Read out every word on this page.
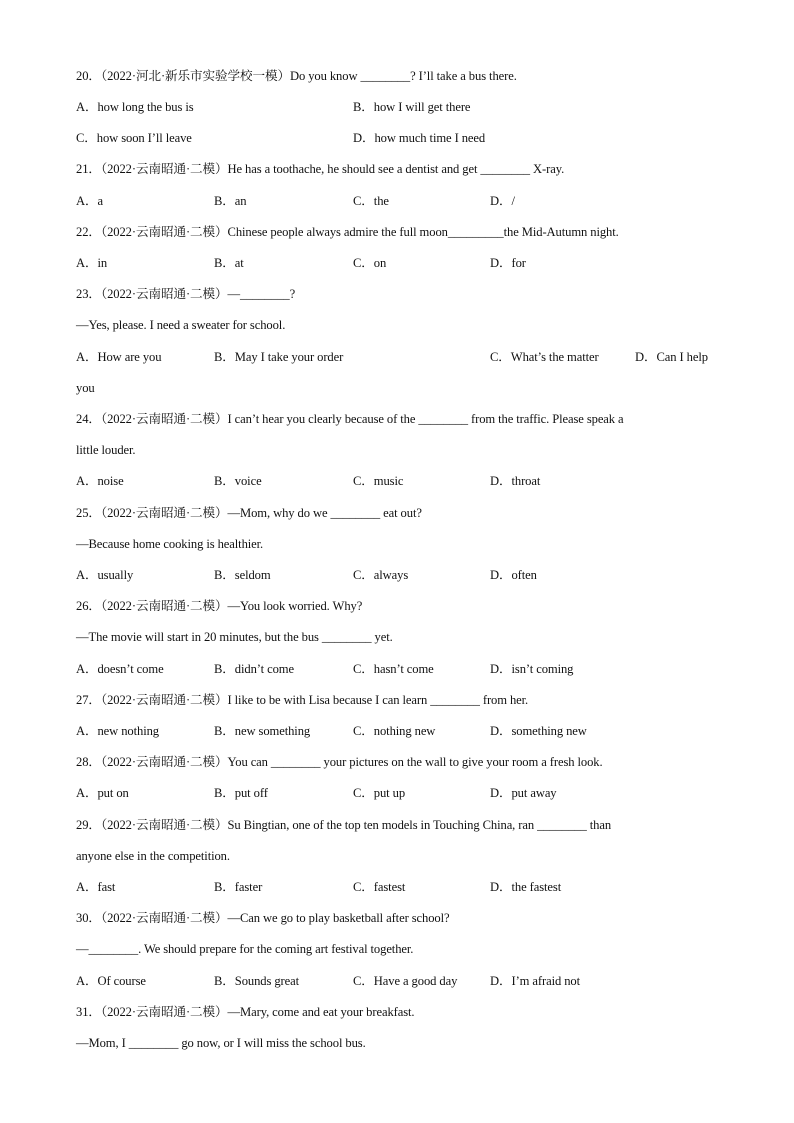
20．（2022·河北·新乐市实验学校一模）Do you know ________? I’ll take a bus there.
A．how long the bus is	B．how I will get there
C．how soon I’ll leave	D．how much time I need
21．（2022·云南昭通·二模）He has a toothache, he should see a dentist and get ________ X-ray.
A．a	B．an	C．the	D．/
22．（2022·云南昭通·二模）Chinese people always admire the full moon_________the Mid-Autumn night.
A．in	B．at	C．on	D．for
23．（2022·云南昭通·二模）—________?
—Yes, please. I need a sweater for school.
A．How are you	B．May I take your order	C．What’s the matter	D．Can I help
you
24．（2022·云南昭通·二模）I can’t hear you clearly because of the ________ from the traffic. Please speak a
little louder.
A．noise	B．voice	C．music	D．throat
25．（2022·云南昭通·二模）—Mom, why do we ________ eat out?
—Because home cooking is healthier.
A．usually	B．seldom	C．always	D．often
26．（2022·云南昭通·二模）—You look worried. Why?
—The movie will start in 20 minutes, but the bus ________ yet.
A．doesn’t come	B．didn’t come	C．hasn’t come	D．isn’t coming
27．（2022·云南昭通·二模）I like to be with Lisa because I can learn ________ from her.
A．new nothing	B．new something	C．nothing new	D．something new
28．（2022·云南昭通·二模）You can ________ your pictures on the wall to give your room a fresh look.
A．put on	B．put off	C．put up	D．put away
29．（2022·云南昭通·二模）Su Bingtian, one of the top ten models in Touching China, ran ________ than
anyone else in the competition.
A．fast	B．faster	C．fastest	D．the fastest
30．（2022·云南昭通·二模）—Can we go to play basketball after school?
—________. We should prepare for the coming art festival together.
A．Of course	B．Sounds great	C．Have a good day	D．I’m afraid not
31．（2022·云南昭通·二模）—Mary, come and eat your breakfast.
—Mom, I ________ go now, or I will miss the school bus.
